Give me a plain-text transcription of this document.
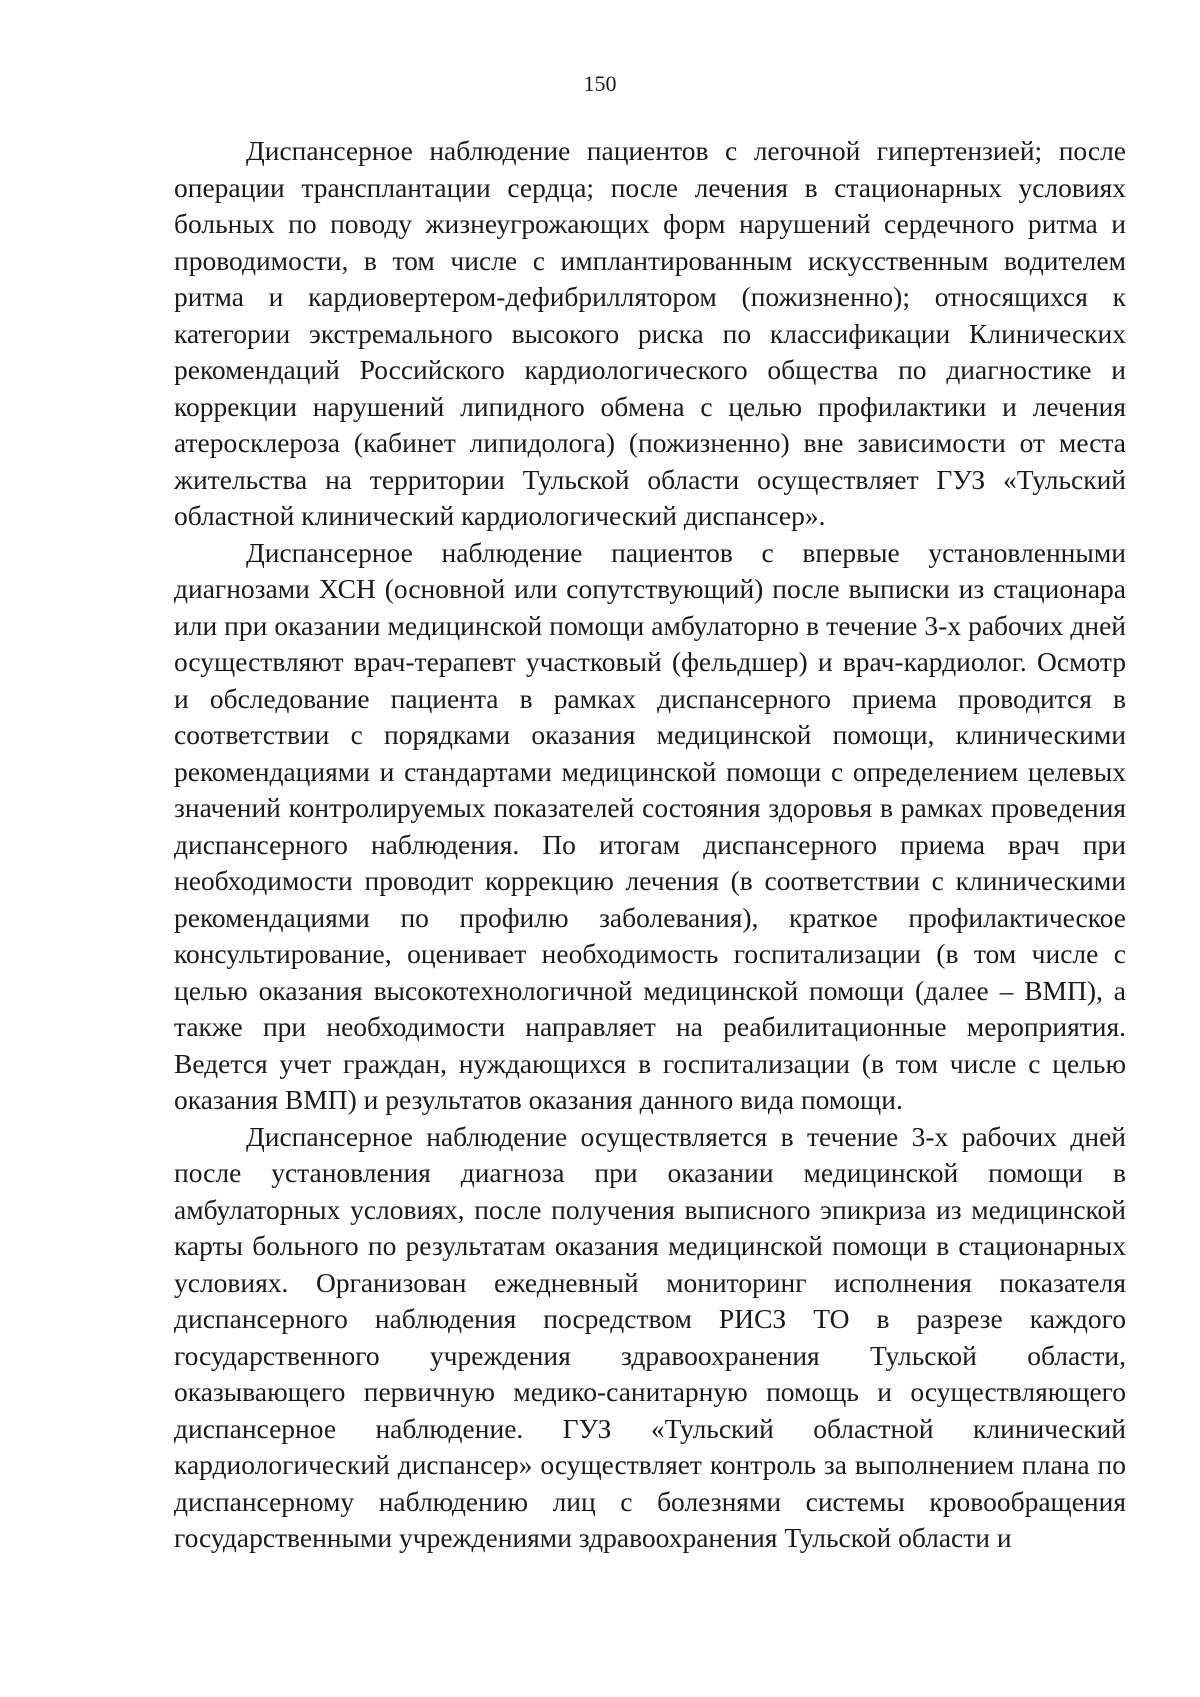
150

Диспансерное наблюдение пациентов с легочной гипертензией; после операции трансплантации сердца; после лечения в стационарных условиях больных по поводу жизнеугрожающих форм нарушений сердечного ритма и проводимости, в том числе с имплантированным искусственным водителем ритма и кардиовертером-дефибриллятором (пожизненно); относящихся к категории экстремального высокого риска по классификации Клинических рекомендаций Российского кардиологического общества по диагностике и коррекции нарушений липидного обмена с целью профилактики и лечения атеросклероза (кабинет липидолога) (пожизненно) вне зависимости от места жительства на территории Тульской области осуществляет ГУЗ «Тульский областной клинический кардиологический диспансер».

Диспансерное наблюдение пациентов с впервые установленными диагнозами ХСН (основной или сопутствующий) после выписки из стационара или при оказании медицинской помощи амбулаторно в течение 3-х рабочих дней осуществляют врач-терапевт участковый (фельдшер) и врач-кардиолог. Осмотр и обследование пациента в рамках диспансерного приема проводится в соответствии с порядками оказания медицинской помощи, клиническими рекомендациями и стандартами медицинской помощи с определением целевых значений контролируемых показателей состояния здоровья в рамках проведения диспансерного наблюдения. По итогам диспансерного приема врач при необходимости проводит коррекцию лечения (в соответствии с клиническими рекомендациями по профилю заболевания), краткое профилактическое консультирование, оценивает необходимость госпитализации (в том числе с целью оказания высокотехнологичной медицинской помощи (далее – ВМП), а также при необходимости направляет на реабилитационные мероприятия. Ведется учет граждан, нуждающихся в госпитализации (в том числе с целью оказания ВМП) и результатов оказания данного вида помощи.

Диспансерное наблюдение осуществляется в течение 3-х рабочих дней после установления диагноза при оказании медицинской помощи в амбулаторных условиях, после получения выписного эпикриза из медицинской карты больного по результатам оказания медицинской помощи в стационарных условиях. Организован ежедневный мониторинг исполнения показателя диспансерного наблюдения посредством РИСЗ ТО в разрезе каждого государственного учреждения здравоохранения Тульской области, оказывающего первичную медико-санитарную помощь и осуществляющего диспансерное наблюдение. ГУЗ «Тульский областной клинический кардиологический диспансер» осуществляет контроль за выполнением плана по диспансерному наблюдению лиц с болезнями системы кровообращения государственными учреждениями здравоохранения Тульской области и
